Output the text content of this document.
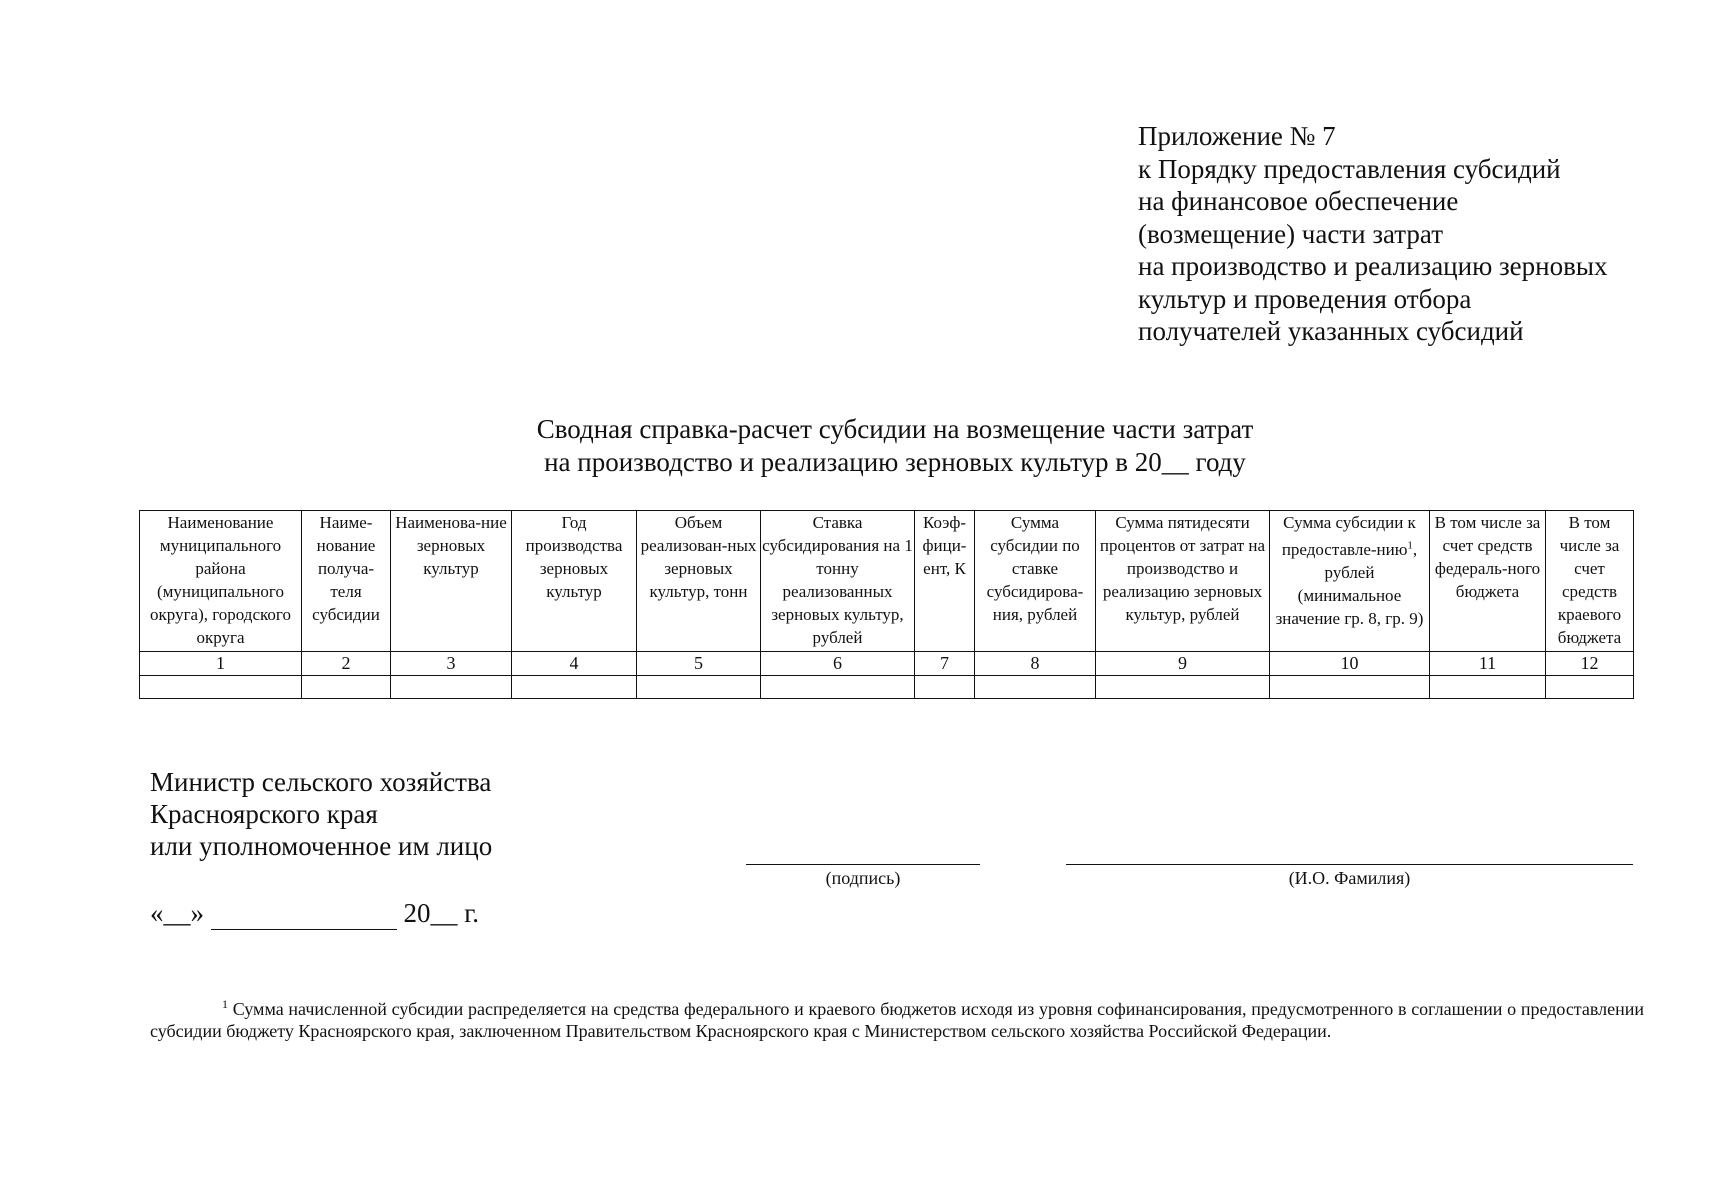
Приложение № 7
к Порядку предоставления субсидий
на финансовое обеспечение
(возмещение) части затрат
на производство и реализацию зерновых
культур и проведения отбора
получателей указанных субсидий
Сводная справка-расчет субсидии на возмещение части затрат
на производство и реализацию зерновых культур в 20__ году
Наименование муниципального района (муниципального округа), городского округа	Наиме-нование получа-теля субсидии	Наименова-ние зерновых культур	Год производства зерновых культур	Объем реализован-ных зерновых культур, тонн	Ставка субсидирования на 1 тонну реализованных зерновых культур, рублей	Коэф-фици-ент, К	Сумма субсидии по ставке субсидирова-ния, рублей	Сумма пятидесяти процентов от затрат на производство и реализацию зерновых культур, рублей	Сумма субсидии к предоставле-нию$^1$, рублей (минимальное значение гр. 8, гр. 9)	В том числе за счет средств федераль-ного бюджета	В том числе за счет средств краевого бюджета
1	2	3	4	5	6	7	8	9	10	11	12

Министр сельского хозяйства
Красноярского края
или уполномоченное им лицо
(подпись)	(И.О. Фамилия)
«__»	20__ г.
$^1$ Сумма начисленной субсидии распределяется на средства федерального и краевого бюджетов исходя из уровня софинансирования, предусмотренного в соглашении о предоставлении субсидии бюджету Красноярского края, заключенном Правительством Красноярского края с Министерством сельского хозяйства Российской Федерации.
